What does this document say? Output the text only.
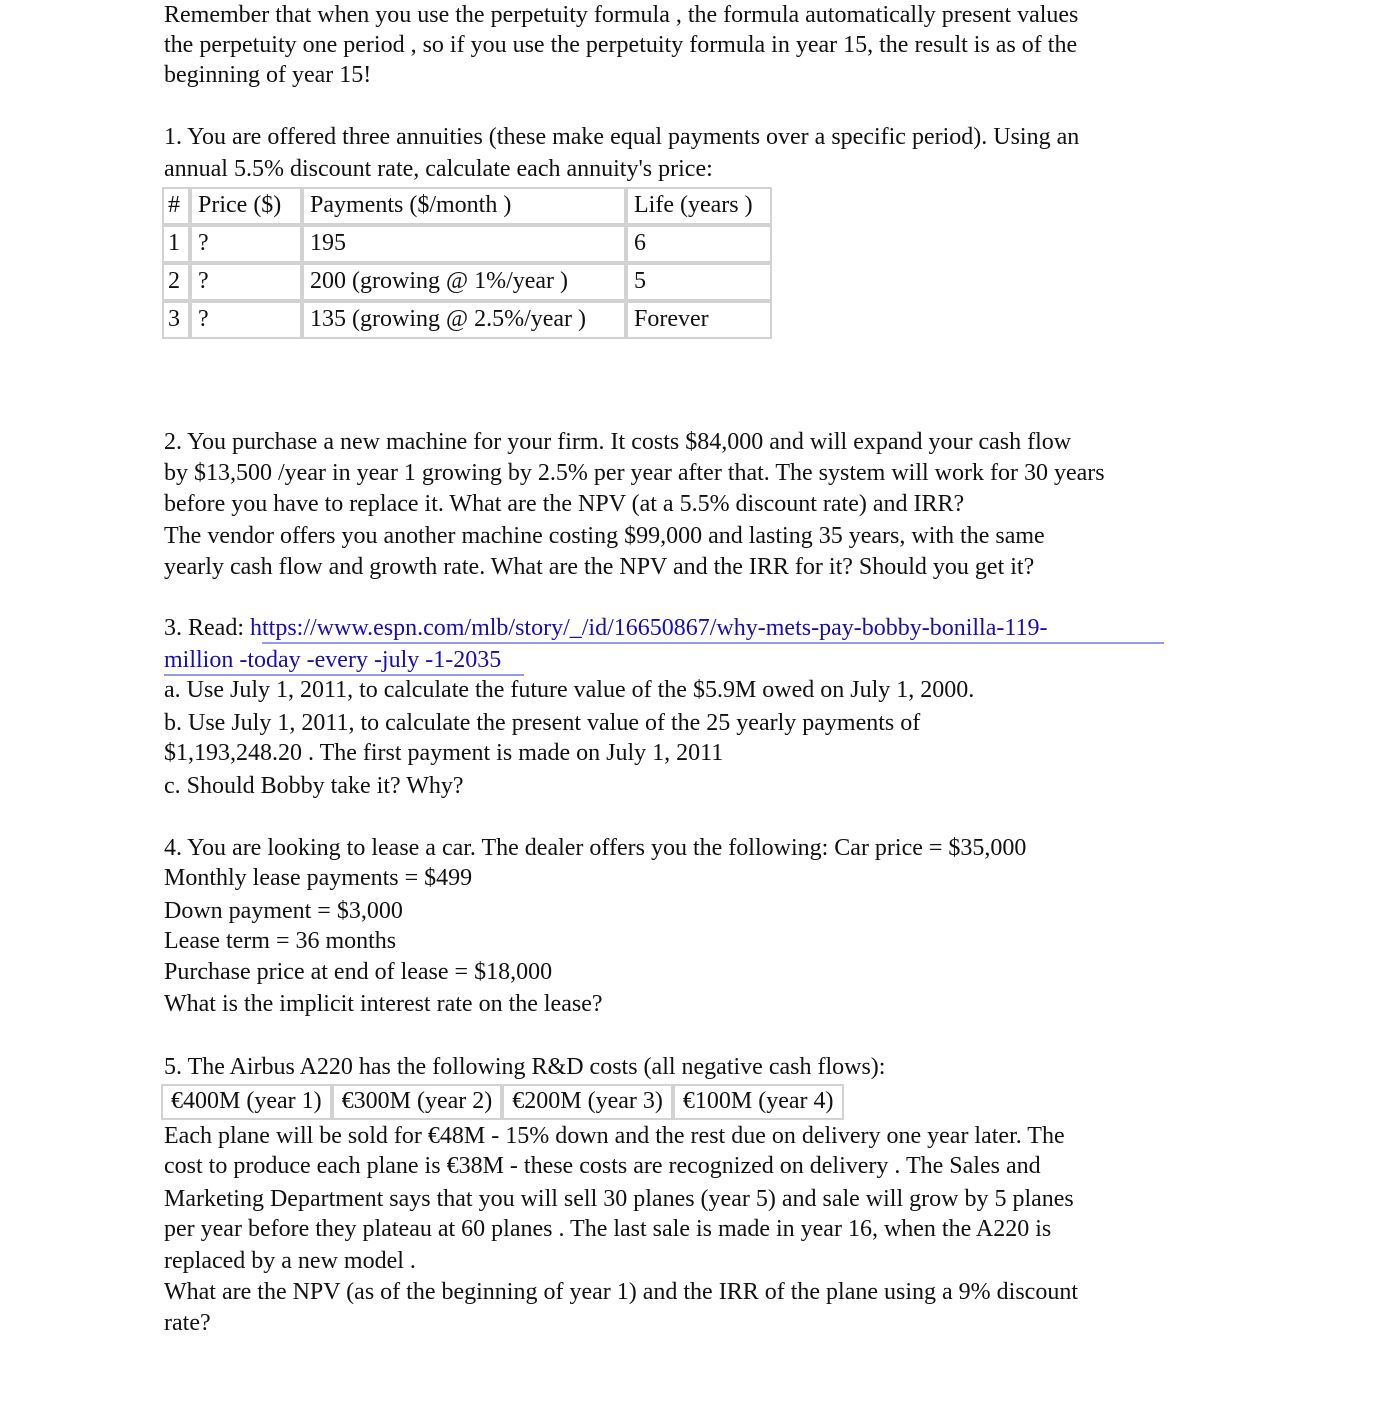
Remember that when you use the perpetuity formula , the formula automatically present values
the perpetuity one period , so if you use the perpetuity formula in year 15, the result is as of the
beginning of year 15!
1. You are offered three annuities (these make equal payments over a specific period). Using an
annual 5.5% discount rate, calculate each annuity's price:
#	Price ($)	Payments ($/month )	Life (years )
1	?	195	6
2	?	200 (growing @ 1%/year )	5
3	?	135 (growing @ 2.5%/year )	Forever
2. You purchase a new machine for your firm. It costs $84,000 and will expand your cash flow
by $13,500 /year in year 1 growing by 2.5% per year after that. The system will work for 30 years
before you have to replace it. What are the NPV (at a 5.5% discount rate) and IRR?
The vendor offers you another machine costing $99,000 and lasting 35 years, with the same
yearly cash flow and growth rate. What are the NPV and the IRR for it? Should you get it?
3. Read: https://www.espn.com/mlb/story/_/id/16650867/why-mets-pay-bobby-bonilla-119-
million -today -every -july -1-2035
a. Use July 1, 2011, to calculate the future value of the $5.9M owed on July 1, 2000.
b. Use July 1, 2011, to calculate the present value of the 25 yearly payments of
$1,193,248.20 . The first payment is made on July 1, 2011
c. Should Bobby take it? Why?
4. You are looking to lease a car. The dealer offers you the following: Car price = $35,000
Monthly lease payments = $499
Down payment = $3,000
Lease term = 36 months
Purchase price at end of lease = $18,000
What is the implicit interest rate on the lease?
5. The Airbus A220 has the following R&D costs (all negative cash flows):
€400M (year 1)	€300M (year 2)	€200M (year 3)	€100M (year 4)
Each plane will be sold for €48M - 15% down and the rest due on delivery one year later. The
cost to produce each plane is €38M - these costs are recognized on delivery . The Sales and
Marketing Department says that you will sell 30 planes (year 5) and sale will grow by 5 planes
per year before they plateau at 60 planes . The last sale is made in year 16, when the A220 is
replaced by a new model .
What are the NPV (as of the beginning of year 1) and the IRR of the plane using a 9% discount
rate?
